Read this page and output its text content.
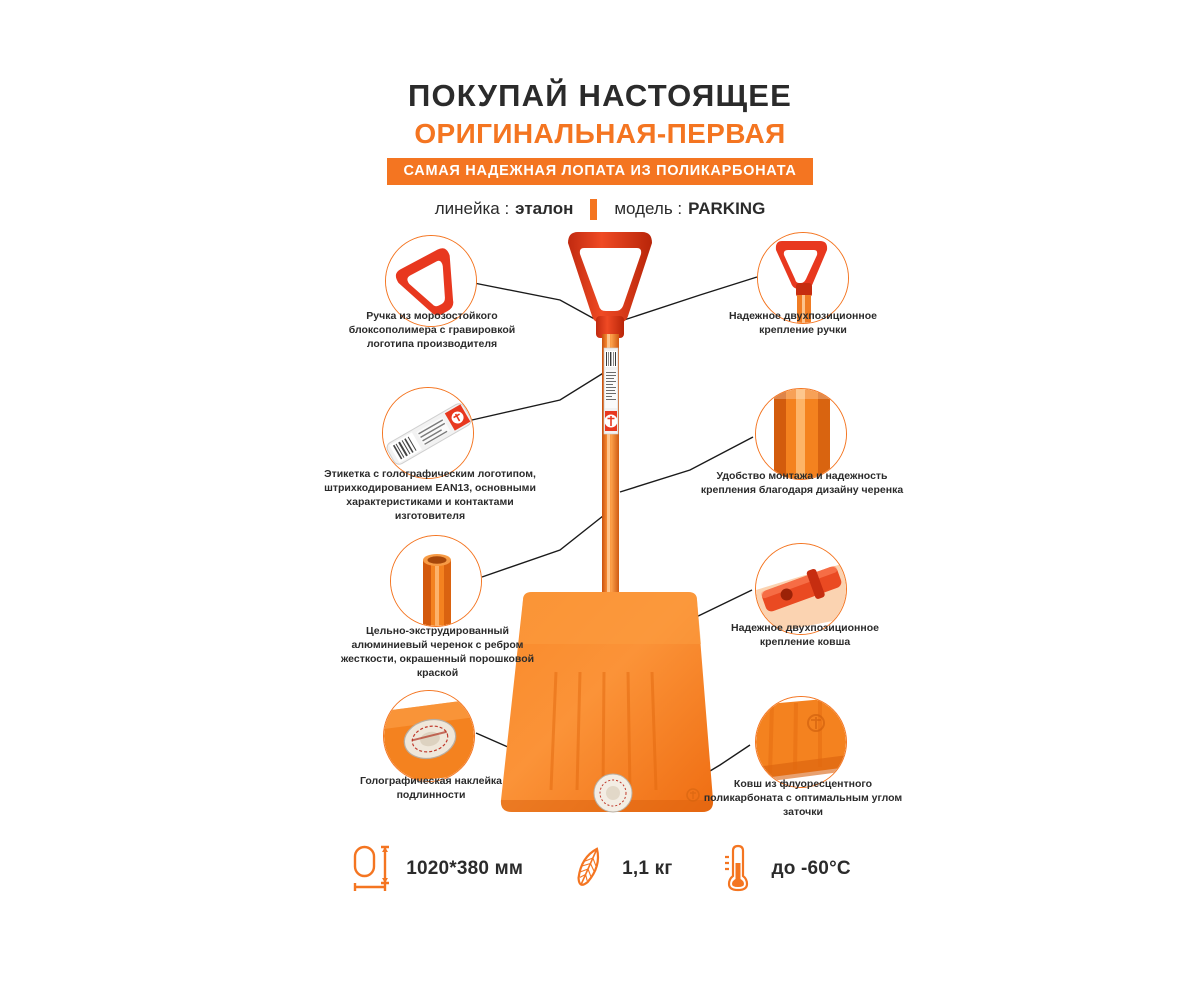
ПОКУПАЙ НАСТОЯЩЕЕ
ОРИГИНАЛЬНАЯ-ПЕРВАЯ
САМАЯ НАДЕЖНАЯ ЛОПАТА ИЗ ПОЛИКАРБОНАТА
линейка : эталон модель : PARKING
Ручка из морозостойкого блоксополимера с гравировкой логотипа производителя
Надежное двухпозиционное крепление ручки
Этикетка с голографическим логотипом, штрихкодированием EAN13, основными характеристиками и контактами изготовителя
Удобство монтажа и надежность крепления благодаря дизайну черенка
Цельно-экструдированный алюминиевый черенок с ребром жесткости, окрашенный порошковой краской
Надежное двухпозиционное крепление ковша
Голографическая наклейка подлинности
Ковш из флуоресцентного поликарбоната с оптимальным углом заточки
1020*380 мм	1,1 кг	до -60°C
